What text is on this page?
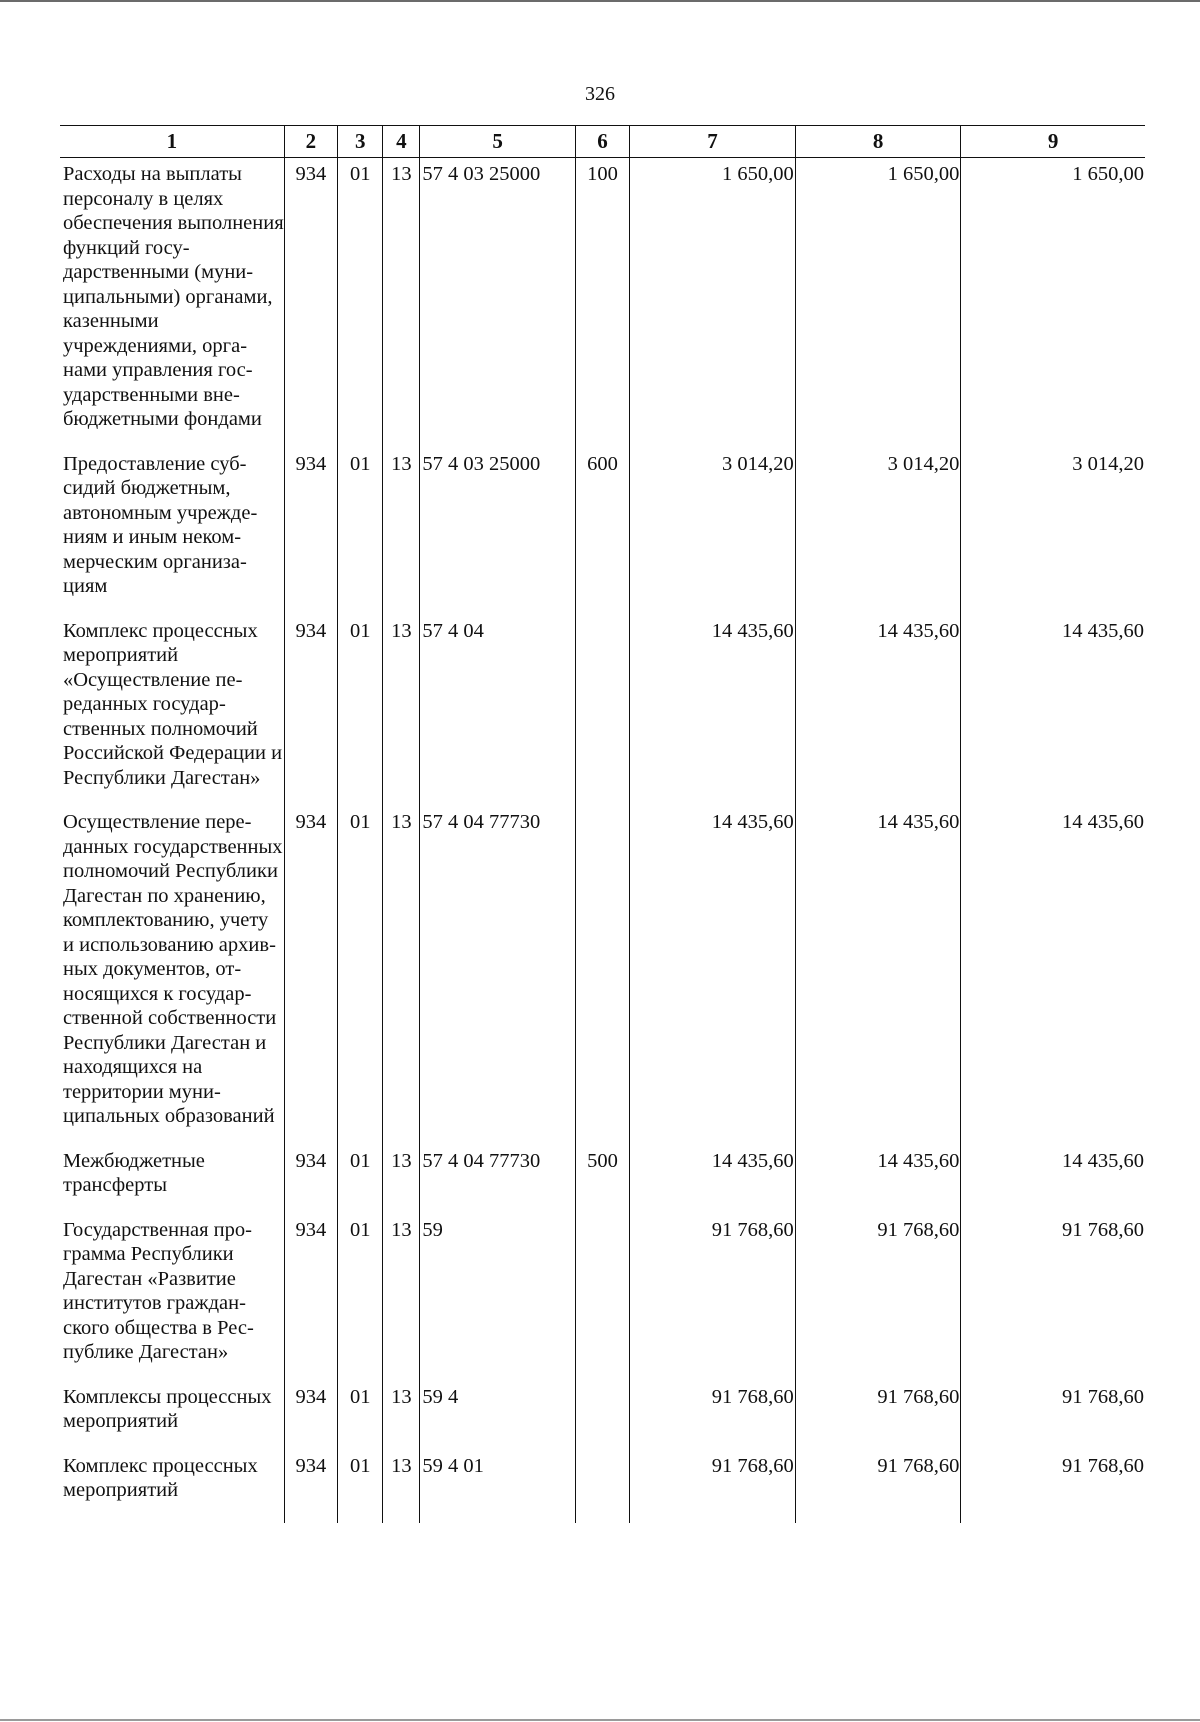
326
1	2	3	4	5	6	7	8	9
Расходы на выплаты персоналу в целях обеспечения выполнения функций государственными (муниципальными) органами, казенными учреждениями, органами управления государственными внебюджетными фондами	934	01	13	57 4 03 25000	100	1 650,00	1 650,00	1 650,00
Предоставление субсидий бюджетным, автономным учреждениям и иным некоммерческим организациям	934	01	13	57 4 03 25000	600	3 014,20	3 014,20	3 014,20
Комплекс процессных мероприятий «Осуществление переданных государственных полномочий Российской Федерации и Республики Дагестан»	934	01	13	57 4 04		14 435,60	14 435,60	14 435,60
Осуществление переданных государственных полномочий Республики Дагестан по хранению, комплектованию, учету и использованию архивных документов, относящихся к государственной собственности Республики Дагестан и находящихся на территории муниципальных образований	934	01	13	57 4 04 77730		14 435,60	14 435,60	14 435,60
Межбюджетные трансферты	934	01	13	57 4 04 77730	500	14 435,60	14 435,60	14 435,60
Государственная программа Республики Дагестан «Развитие институтов гражданского общества в Республике Дагестан»	934	01	13	59		91 768,60	91 768,60	91 768,60
Комплексы процессных мероприятий	934	01	13	59 4		91 768,60	91 768,60	91 768,60
Комплекс процессных мероприятий	934	01	13	59 4 01		91 768,60	91 768,60	91 768,60
